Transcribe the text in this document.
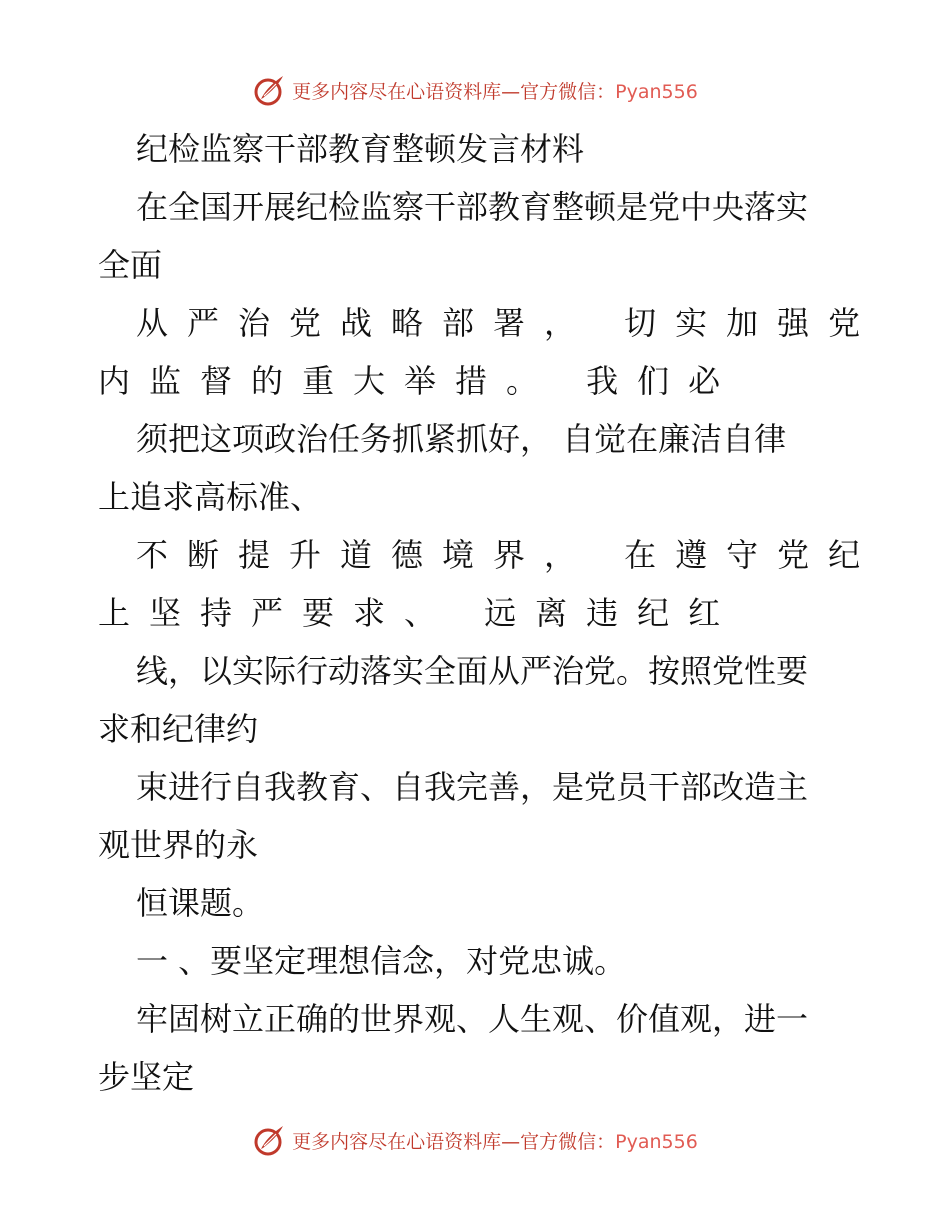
更多内容尽在心语资料库—官方微信：Pyan556
纪检监察干部教育整顿发言材料
在全国开展纪检监察干部教育整顿是党中央落实
全面
从严治党战略部署， 切实加强党
内监督的重大举措。 我们必
须把这项政治任务抓紧抓好， 自觉在廉洁自律
上追求高标准、
不断提升道德境界， 在遵守党纪
上坚持严要求、 远离违纪红
线，以实际行动落实全面从严治党。按照党性要
求和纪律约
束进行自我教育、自我完善，是党员干部改造主
观世界的永
恒课题。
一 、要坚定理想信念，对党忠诚。
牢固树立正确的世界观、人生观、价值观，进一
步坚定
更多内容尽在心语资料库—官方微信：Pyan556
